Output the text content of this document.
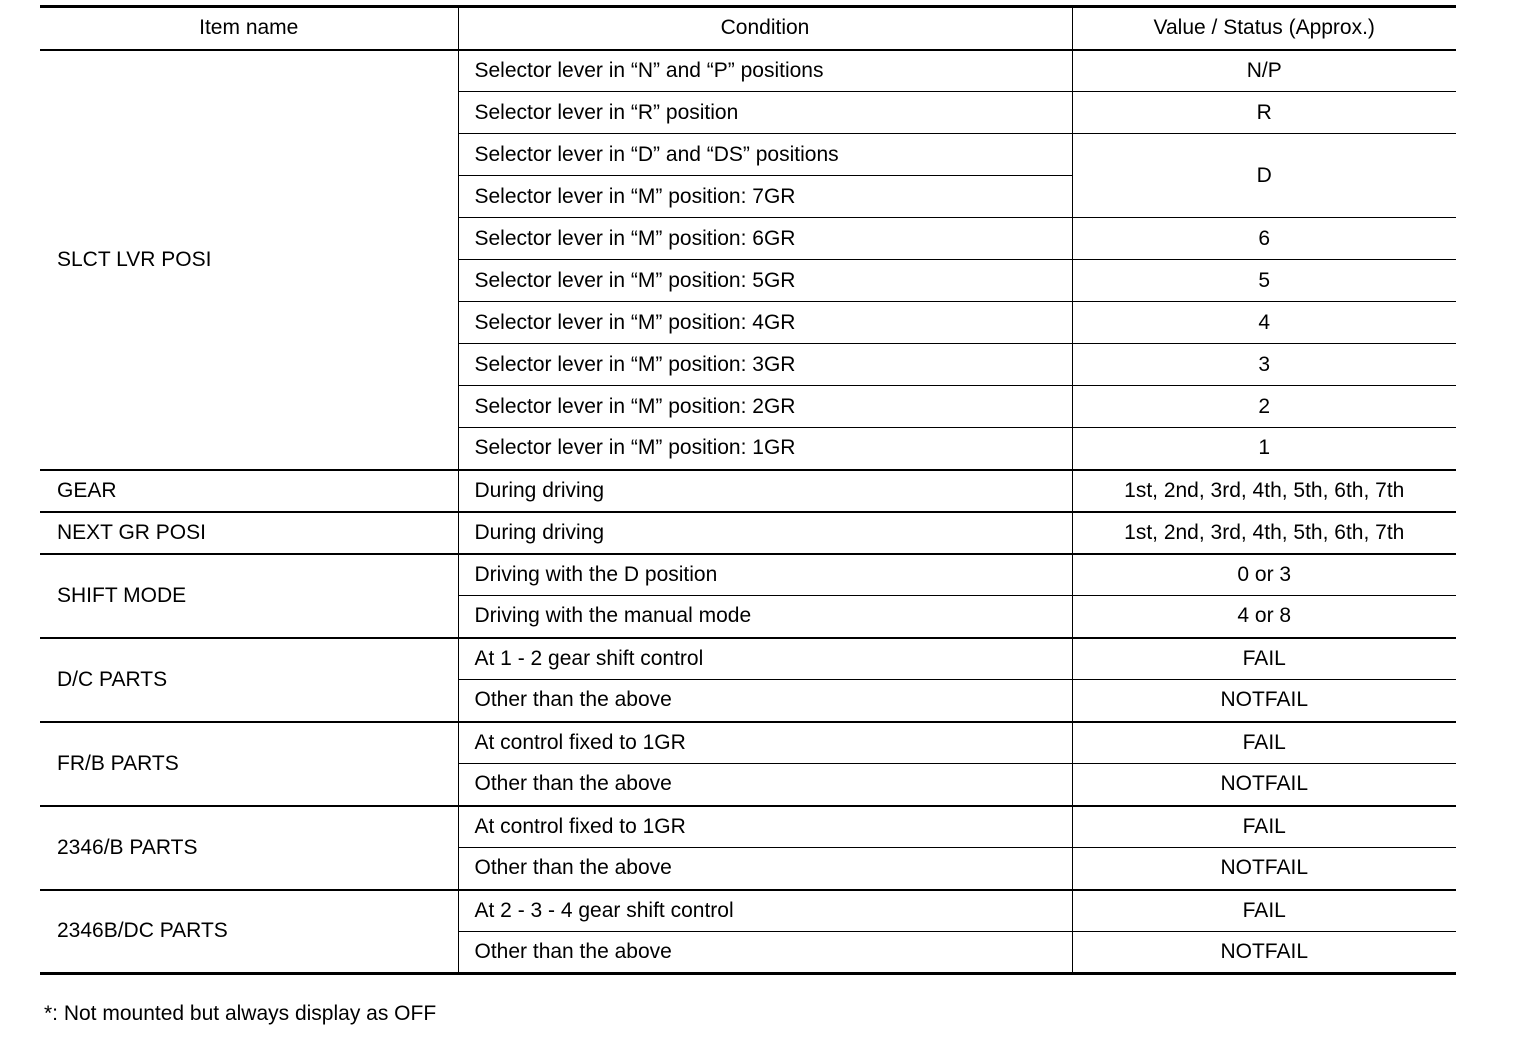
Item name	Condition	Value / Status (Approx.)
SLCT LVR POSI	Selector lever in “N” and “P” positions	N/P
	Selector lever in “R” position	R
	Selector lever in “D” and “DS” positions	D
	Selector lever in “M” position: 7GR	
	Selector lever in “M” position: 6GR	6
	Selector lever in “M” position: 5GR	5
	Selector lever in “M” position: 4GR	4
	Selector lever in “M” position: 3GR	3
	Selector lever in “M” position: 2GR	2
	Selector lever in “M” position: 1GR	1
GEAR	During driving	1st, 2nd, 3rd, 4th, 5th, 6th, 7th
NEXT GR POSI	During driving	1st, 2nd, 3rd, 4th, 5th, 6th, 7th
SHIFT MODE	Driving with the D position	0 or 3
	Driving with the manual mode	4 or 8
D/C PARTS	At 1 - 2 gear shift control	FAIL
	Other than the above	NOTFAIL
FR/B PARTS	At control fixed to 1GR	FAIL
	Other than the above	NOTFAIL
2346/B PARTS	At control fixed to 1GR	FAIL
	Other than the above	NOTFAIL
2346B/DC PARTS	At 2 - 3 - 4 gear shift control	FAIL
	Other than the above	NOTFAIL
*: Not mounted but always display as OFF
